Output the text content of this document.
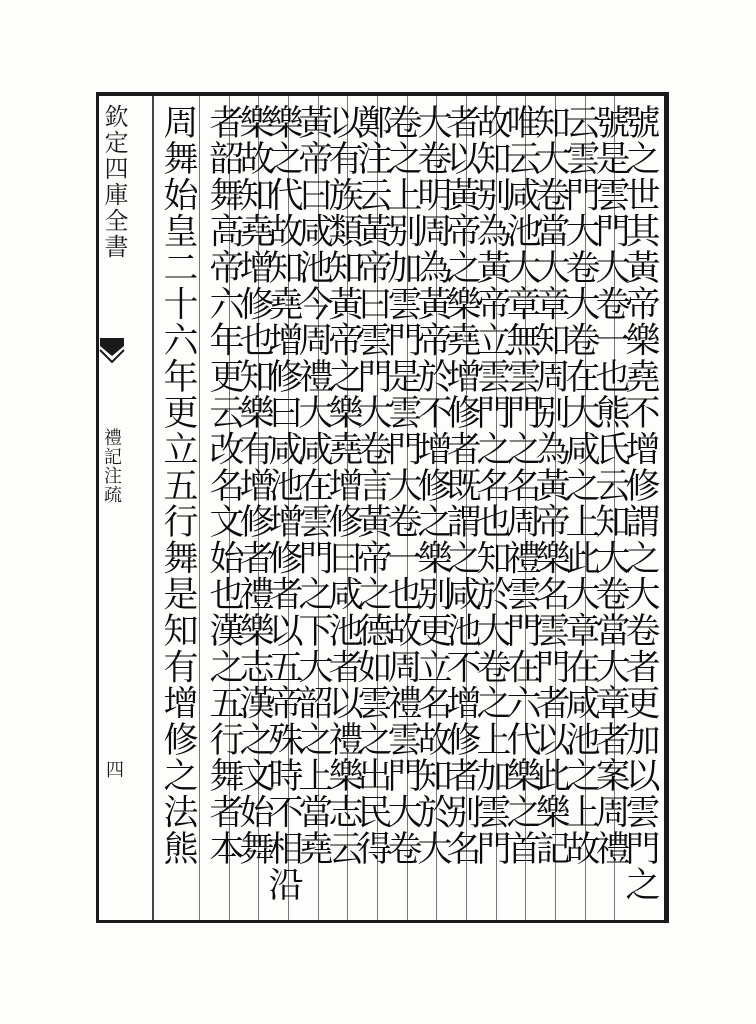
欽定四庫全書
禮記注疏
四	號之世其黃帝樂堯不增修謂之大卷者更加以雲門之
號是雲門大卷一也熊氏云知大卷當大章者案周禮
云雲門大卷大卷在大咸之上此大章在咸池之上故
知大卷當大章知周别為黃帝樂名雲門者以此樂記
唯云咸池大章無雲門之名周禮雲門在六代樂之首
故知别為黃帝立雲門之名也知於大卷之上加雲門
者以黃帝之樂堯增修者既謂之咸池不增修者别名
大卷明周為黃帝於不增修之樂别更立名故知於大
卷之上别加雲門是雲門大卷一也故周禮雲門大卷
鄭注云黃帝曰雲門大卷言黃帝之德如雲之出民得
以有族類知黃帝之樂堯增修曰咸池者以禮樂志云
黃帝曰咸池今周禮大咸在雲門之下大韶之上當堯
樂之代故知堯增修曰咸池增修者以五帝殊時不相沿
樂故知堯增修也知樂有增修者禮樂志漢之文始舞
者韶舞高帝六年更云改名文始也漢之五行舞者本
周舞始皇二十六年更立五行舞是知有增修之法熊
